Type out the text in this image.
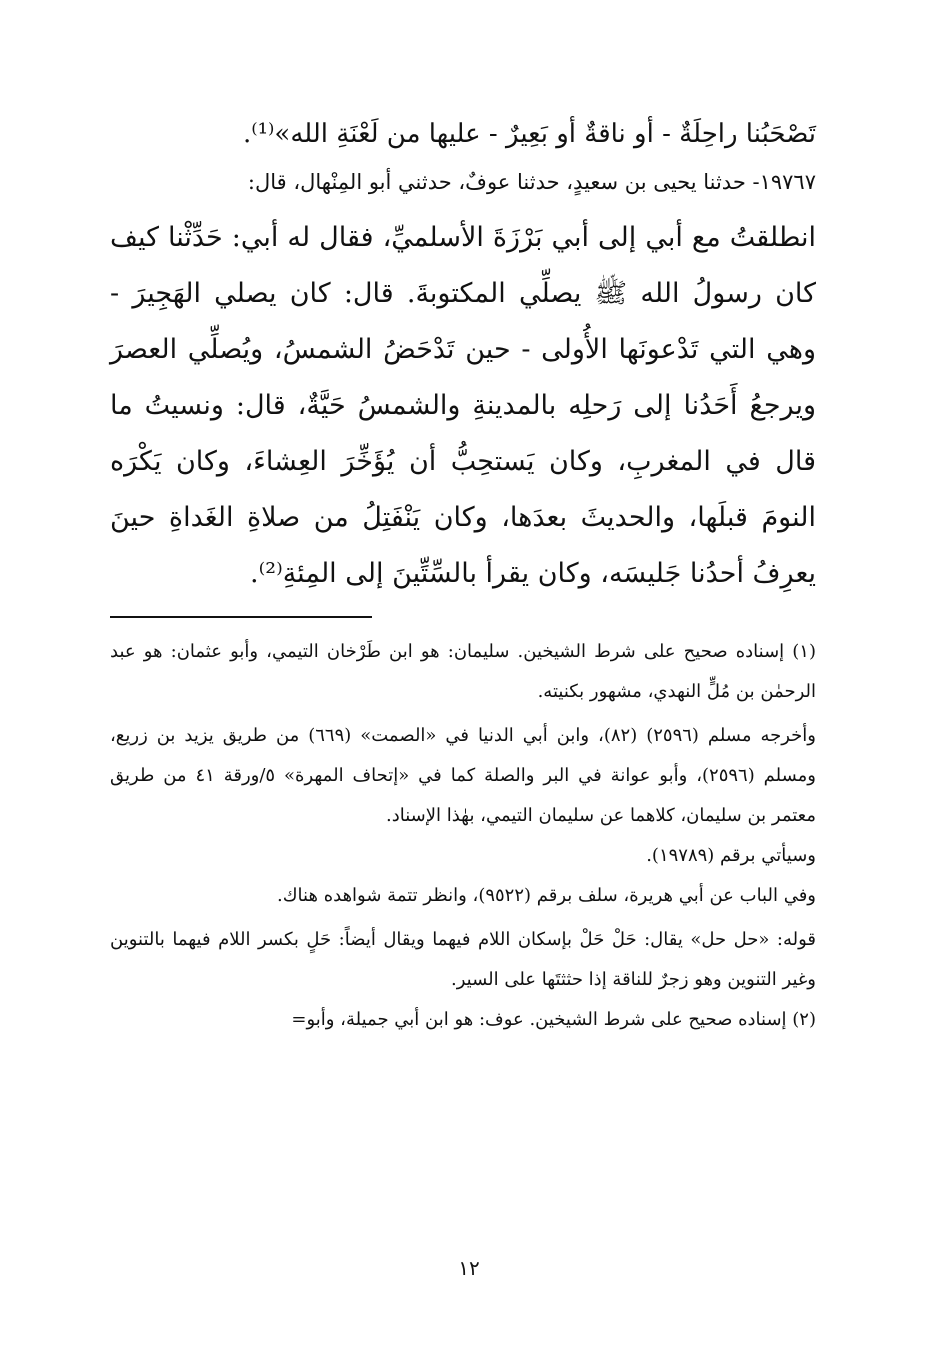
تَصْحَبُنا راحِلَةٌ - أو ناقةٌ أو بَعِيرٌ - عليها من لَعْنَةِ الله»⁽¹⁾.

١٩٧٦٧- حدثنا يحيى بن سعيدٍ، حدثنا عوفٌ، حدثني أبو المِنْهال، قال:

انطلقتُ مع أبي إلى أبي بَرْزَةَ الأسلميِّ، فقال له أبي: حَدِّثْنا كيف كان رسولُ الله ﷺ يصلِّي المكتوبةَ. قال: كان يصلي الهَجِيرَ - وهي التي تَدْعونَها الأُولى - حين تَدْحَضُ الشمسُ، ويُصلِّي العصرَ ويرجعُ أَحَدُنا إلى رَحلِه بالمدينةِ والشمسُ حَيَّةٌ، قال: ونسيتُ ما قال في المغربِ، وكان يَستحِبُّ أن يُؤَخِّرَ العِشاءَ، وكان يَكْرَه النومَ قبلَها، والحديثَ بعدَها، وكان يَنْفَتِلُ من صلاةِ الغَداةِ حينَ يعرِفُ أحدُنا جَليسَه، وكان يقرأ بالسِّتِّينَ إلى المِئةِ⁽²⁾.

(١) إسناده صحيح على شرط الشيخين. سليمان: هو ابن طَرْخان التيمي، وأبو عثمان: هو عبد الرحمٰن بن مُلٍّ النهدي، مشهور بكنيته.

وأخرجه مسلم (٢٥٩٦) (٨٢)، وابن أبي الدنيا في «الصمت» (٦٦٩) من طريق يزيد بن زريع، ومسلم (٢٥٩٦)، وأبو عوانة في البر والصلة كما في «إتحاف المهرة» ٥/ورقة ٤١ من طريق معتمر بن سليمان، كلاهما عن سليمان التيمي، بهٰذا الإسناد.

وسيأتي برقم (١٩٧٨٩).

وفي الباب عن أبي هريرة، سلف برقم (٩٥٢٢)، وانظر تتمة شواهده هناك.

قوله: «حل حل» يقال: حَلْ حَلْ بإسكان اللام فيهما ويقال أيضاً: حَلٍ بكسر اللام فيهما بالتنوين وغير التنوين وهو زجرٌ للناقة إذا حثثتَها على السير.

(٢) إسناده صحيح على شرط الشيخين. عوف: هو ابن أبي جميلة، وأبو=

١٢
